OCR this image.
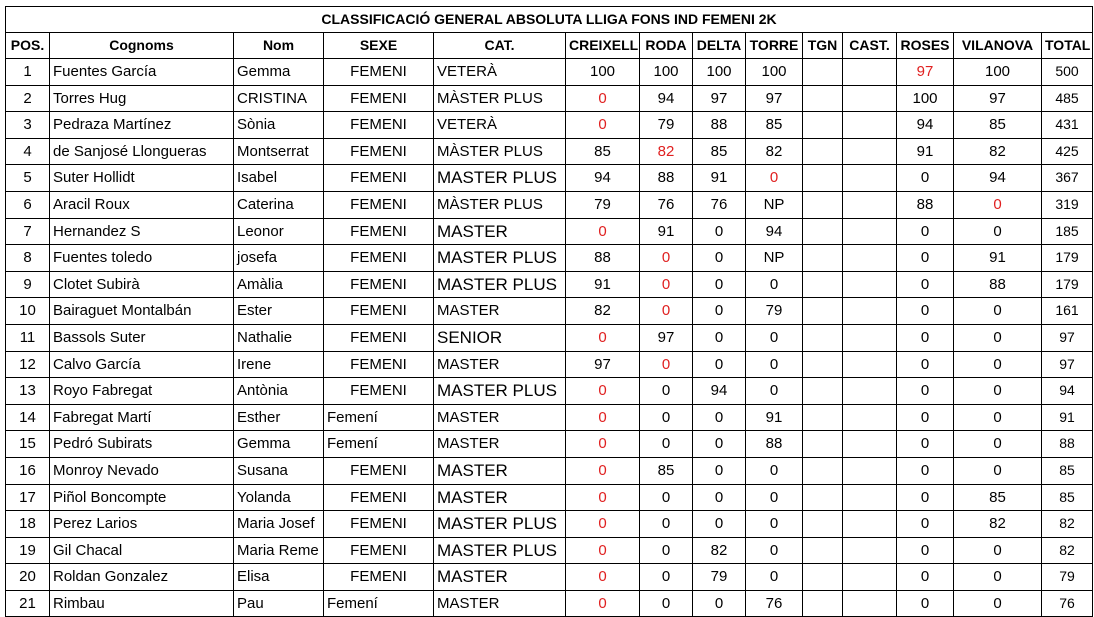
CLASSIFICACIÓ GENERAL ABSOLUTA LLIGA FONS IND FEMENI 2K													
POS.	Cognoms	Nom	SEXE	CAT.	CREIXELL	RODA	DELTA	TORRE	TGN	CAST.	ROSES	VILANOVA	TOTAL
1	Fuentes García	Gemma	FEMENI	VETERÀ	100	100	100	100			97	100	500
2	Torres Hug	CRISTINA	FEMENI	MÀSTER PLUS	0	94	97	97			100	97	485
3	Pedraza Martínez	Sònia	FEMENI	VETERÀ	0	79	88	85			94	85	431
4	de Sanjosé Llongueras	Montserrat	FEMENI	MÀSTER PLUS	85	82	85	82			91	82	425
5	Suter Hollidt	Isabel	FEMENI	MASTER PLUS	94	88	91	0			0	94	367
6	Aracil Roux	Caterina	FEMENI	MÀSTER PLUS	79	76	76	NP			88	0	319
7	Hernandez S	Leonor	FEMENI	MASTER	0	91	0	94			0	0	185
8	Fuentes toledo	josefa	FEMENI	MASTER PLUS	88	0	0	NP			0	91	179
9	Clotet Subirà	Amàlia	FEMENI	MASTER PLUS	91	0	0	0			0	88	179
10	Bairaguet Montalbán	Ester	FEMENI	MASTER	82	0	0	79			0	0	161
11	Bassols Suter	Nathalie	FEMENI	SENIOR	0	97	0	0			0	0	97
12	Calvo García	Irene	FEMENI	MASTER	97	0	0	0			0	0	97
13	Royo Fabregat	Antònia	FEMENI	MASTER PLUS	0	0	94	0			0	0	94
14	Fabregat Martí	Esther	Femení	MASTER	0	0	0	91			0	0	91
15	Pedró Subirats	Gemma	Femení	MASTER	0	0	0	88			0	0	88
16	Monroy Nevado	Susana	FEMENI	MASTER	0	85	0	0			0	0	85
17	Piñol Boncompte	Yolanda	FEMENI	MASTER	0	0	0	0			0	85	85
18	Perez Larios	Maria Josef	FEMENI	MASTER PLUS	0	0	0	0			0	82	82
19	Gil Chacal	Maria Reme	FEMENI	MASTER PLUS	0	0	82	0			0	0	82
20	Roldan Gonzalez	Elisa	FEMENI	MASTER	0	0	79	0			0	0	79
21	Rimbau	Pau	Femení	MASTER	0	0	0	76			0	0	76
